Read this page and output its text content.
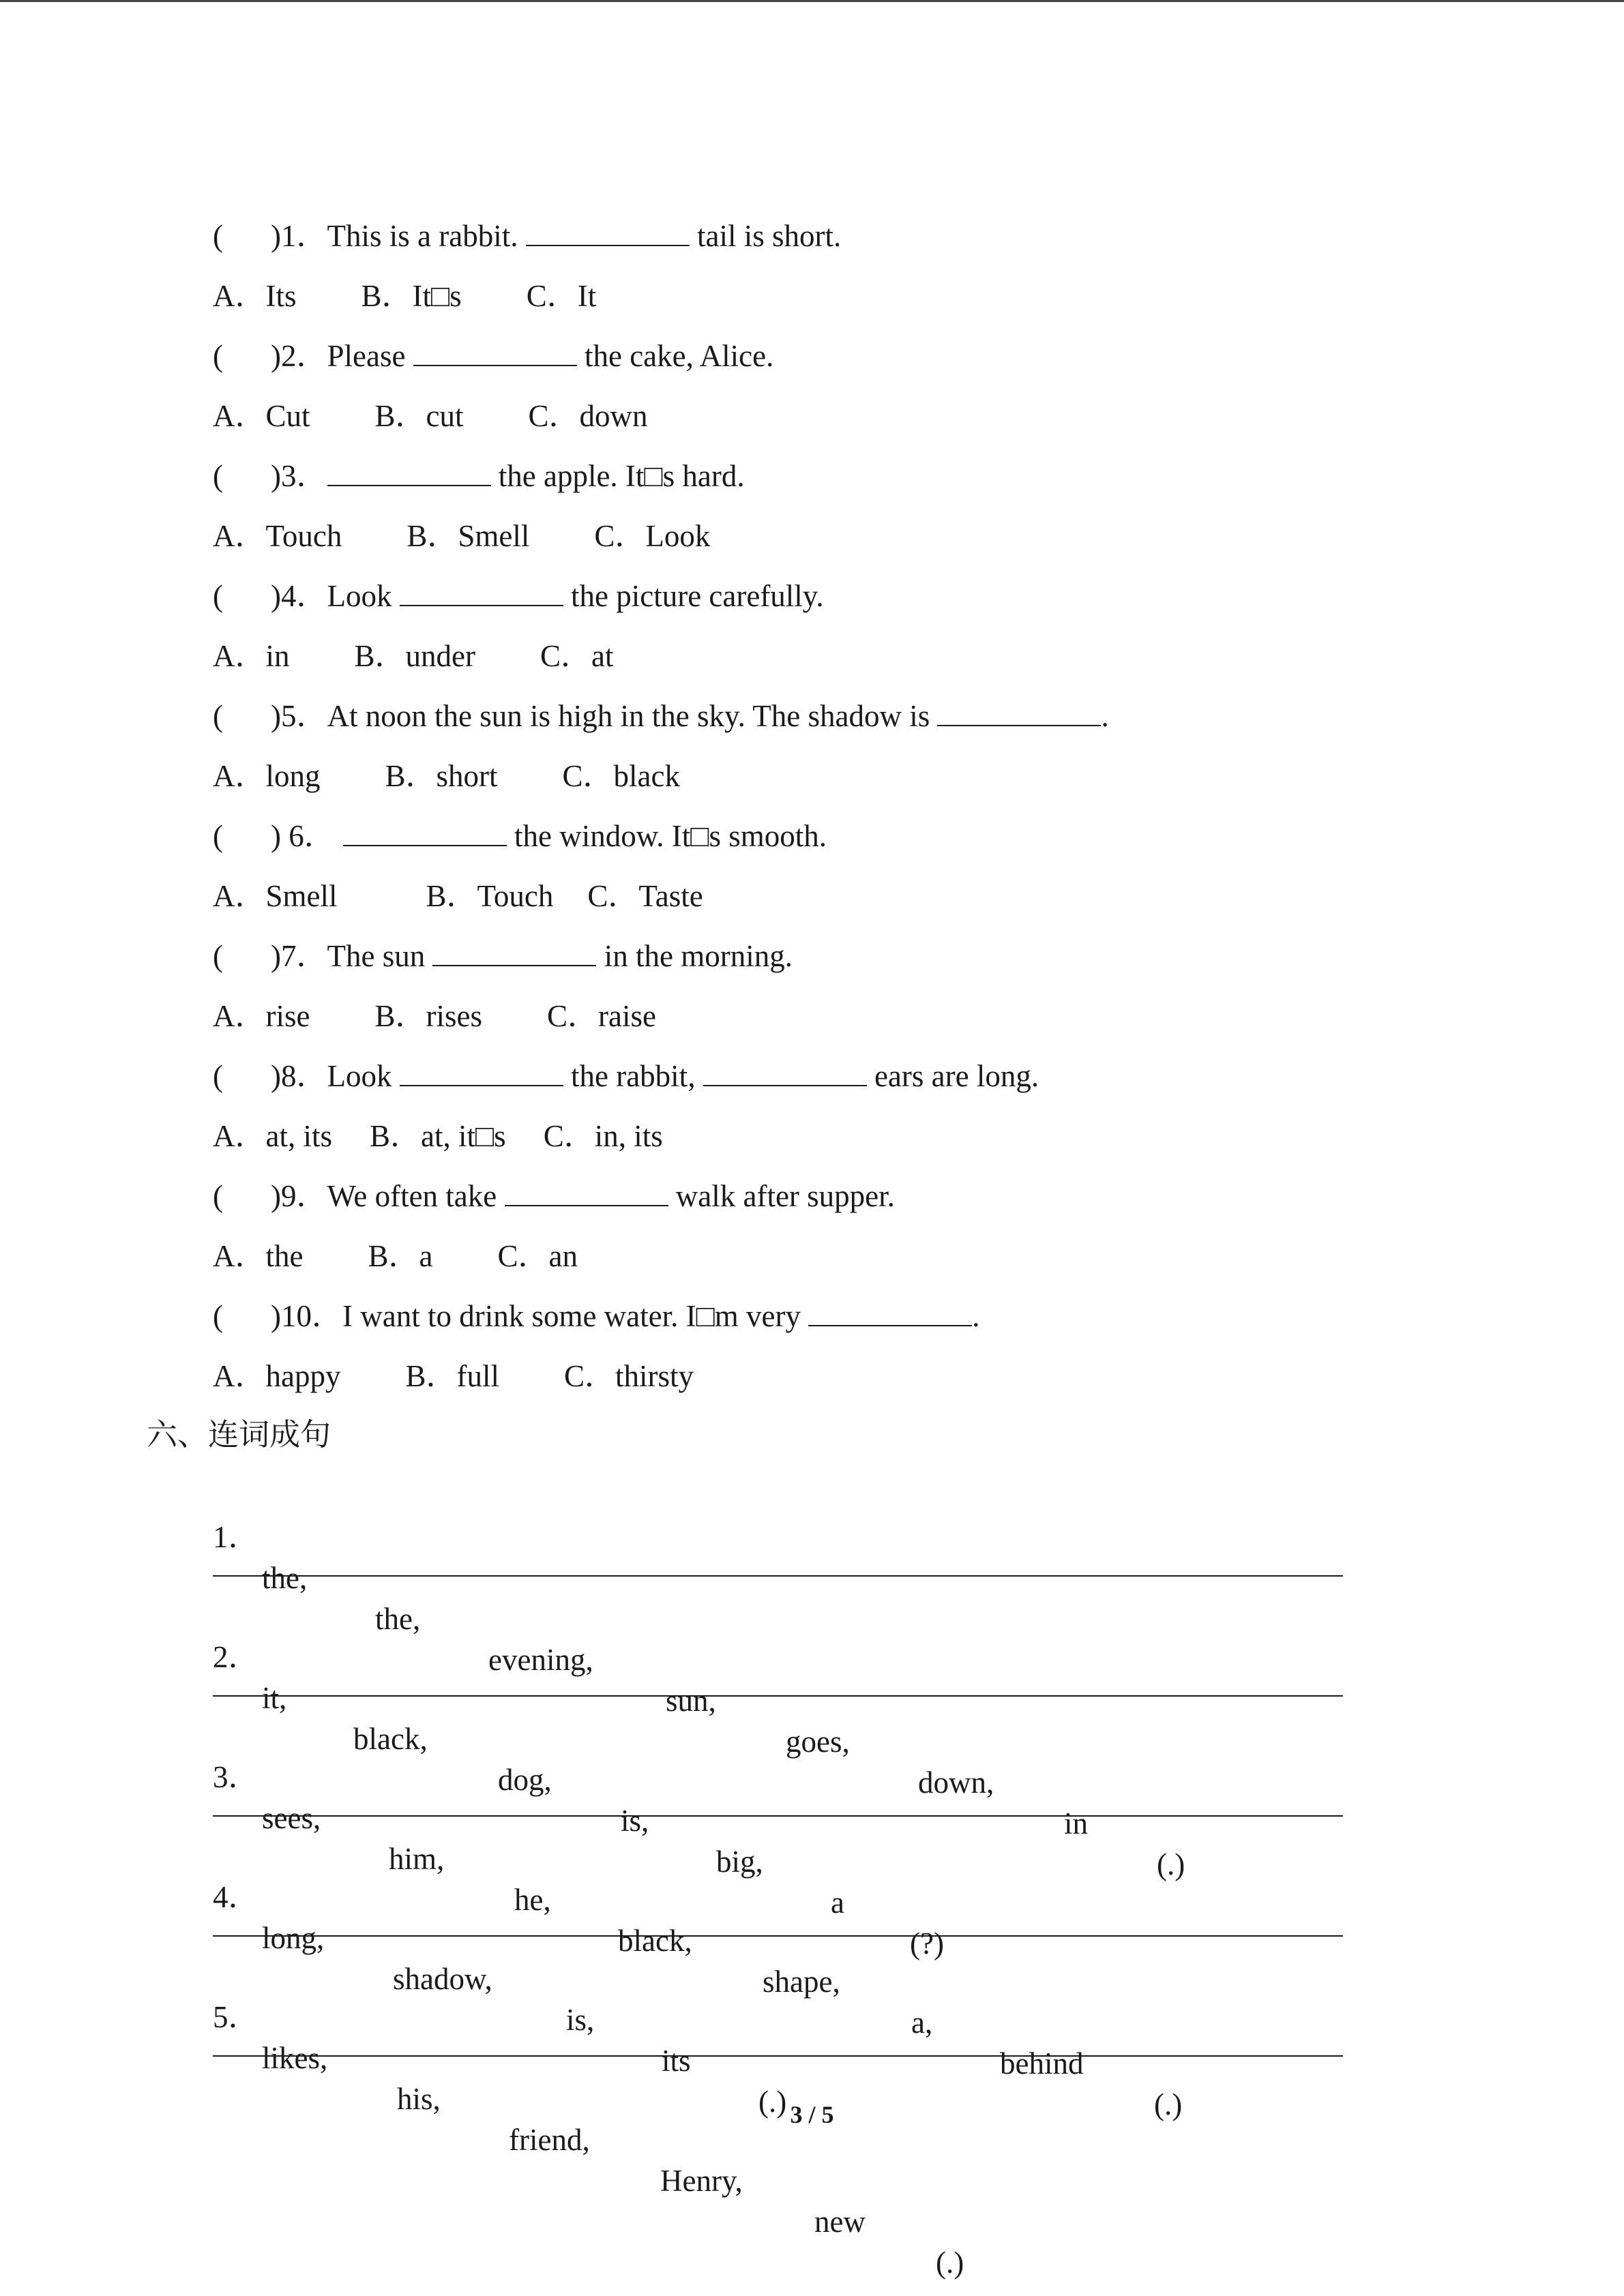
( )1．This is a rabbit.	tail is short.
A．Its B．It□s C．It
( )2．Please	the cake, Alice.
A．Cut B．cut C．down
( )3．	the apple. It□s hard.
A．Touch B．Smell C．Look
( )4．Look	the picture carefully.
A．in B．under C．at
( )5．At noon the sun is high in the sky. The shadow is	.
A．long B．short C．black
( ) 6．	the window. It□s smooth.
A．Smell	B．Touch C．Taste
( )7．The sun	in the morning.
A．rise B．rises C．raise
( )8．Look	the rabbit,	ears are long.
A．at, its B．at, it□s C．in, its
( )9．We often take	walk after supper.
A．the B．a C．an
( )10．I want to drink some water. I□m very	.
A．happy B．full C．thirsty
六、连词成句

1．

the,

the,

evening,

sun,

goes,

down,

in

(.)

2．

it,

black,

dog,

is,

big,

a

(?)

3．

sees,

him,

he,

black,

shape,

a,

behind

(.)

4．

long,

shadow,

is,

its

(.)

5．

likes,

his,

friend,

Henry,

new

(.)

3 / 5
